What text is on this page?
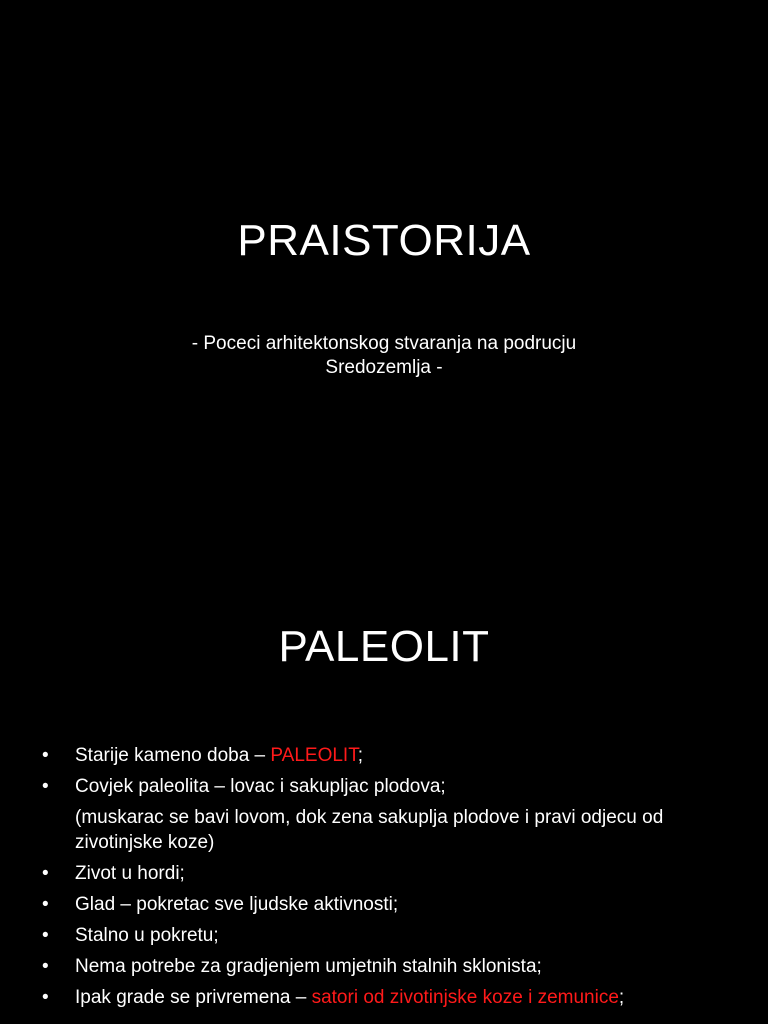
PRAISTORIJA

- Poceci arhitektonskog stvaranja na podrucju
Sredozemlja -

PALEOLIT
• Starije kameno doba – PALEOLIT;
• Covjek paleolita – lovac i sakupljac plodova;
(muskarac se bavi lovom, dok zena sakuplja plodove i pravi odjecu od zivotinjske koze)
• Zivot u hordi;
• Glad – pokretac sve ljudske aktivnosti;
• Stalno u pokretu;
• Nema potrebe za gradjenjem umjetnih stalnih sklonista;
• Ipak grade se privremena – satori od zivotinjske koze i zemunice;
